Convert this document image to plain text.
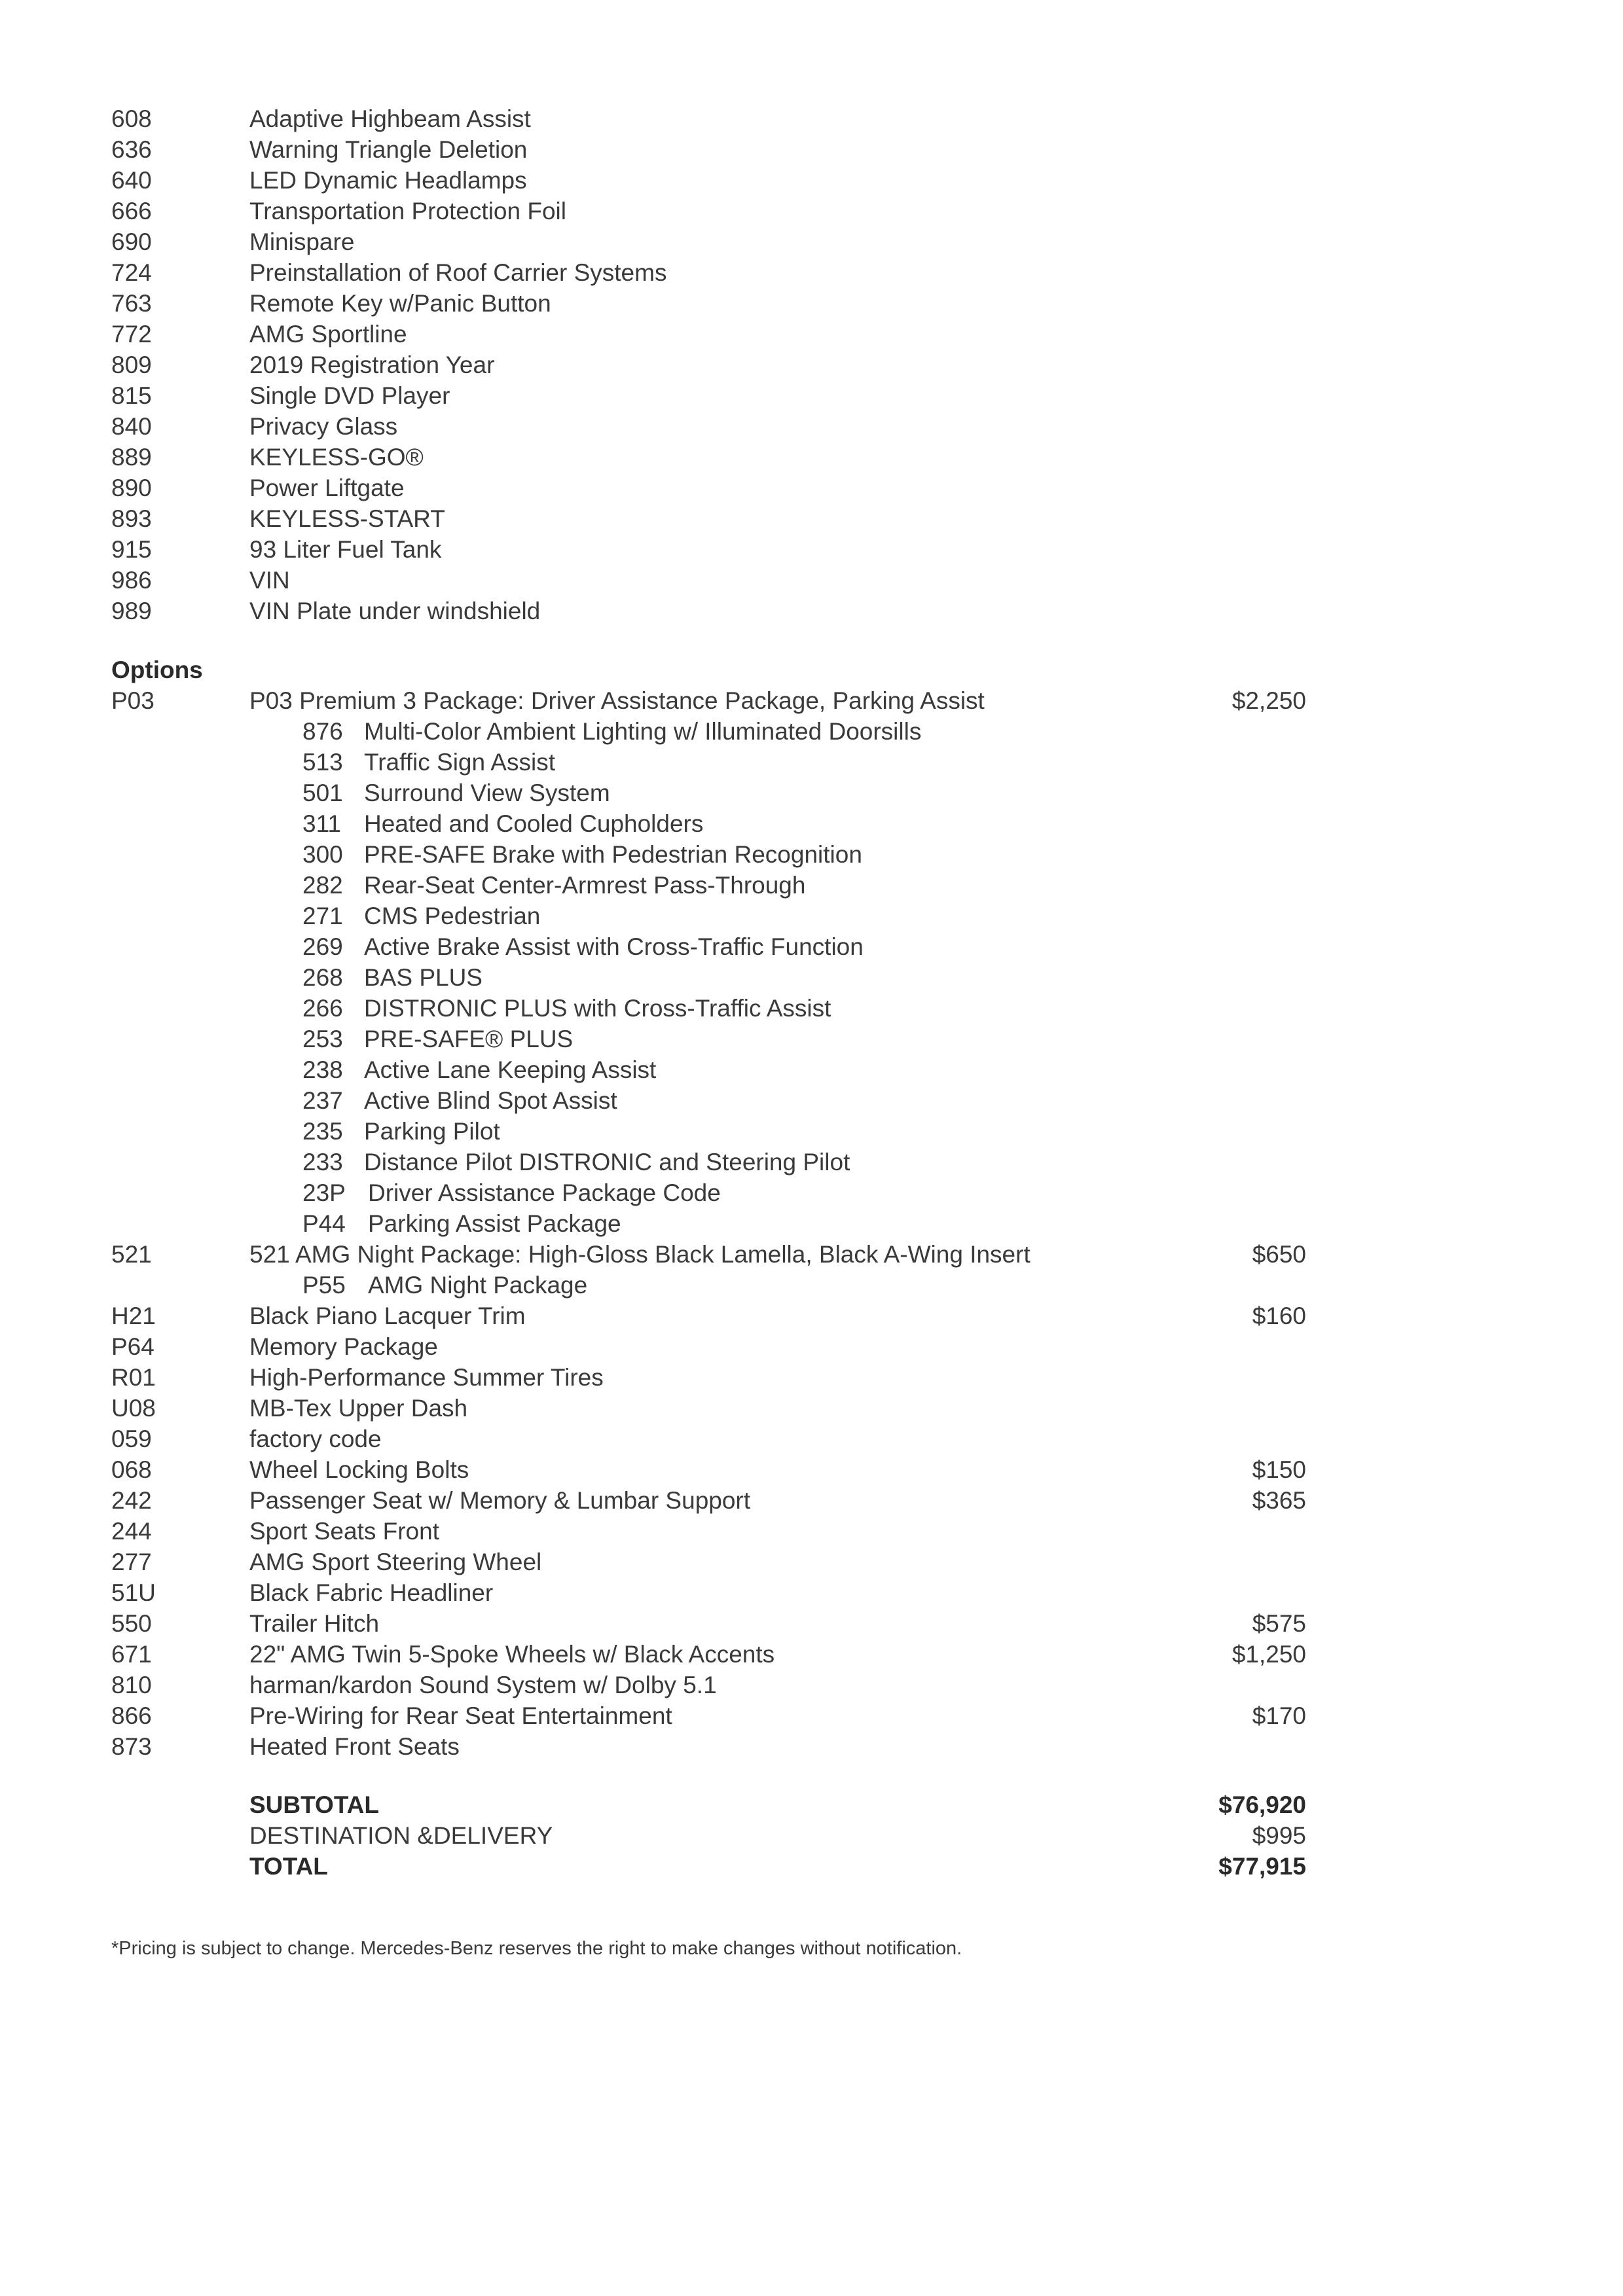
608	Adaptive Highbeam Assist
636	Warning Triangle Deletion
640	LED Dynamic Headlamps
666	Transportation Protection Foil
690	Minispare
724	Preinstallation of Roof Carrier Systems
763	Remote Key w/Panic Button
772	AMG Sportline
809	2019 Registration Year
815	Single DVD Player
840	Privacy Glass
889	KEYLESS-GO®
890	Power Liftgate
893	KEYLESS-START
915	93 Liter Fuel Tank
986	VIN
989	VIN Plate under windshield
Options
P03	P03 Premium 3 Package: Driver Assistance Package, Parking Assist	$2,250
876 Multi-Color Ambient Lighting w/ Illuminated Doorsills
513 Traffic Sign Assist
501 Surround View System
311 Heated and Cooled Cupholders
300 PRE-SAFE Brake with Pedestrian Recognition
282 Rear-Seat Center-Armrest Pass-Through
271 CMS Pedestrian
269 Active Brake Assist with Cross-Traffic Function
268 BAS PLUS
266 DISTRONIC PLUS with Cross-Traffic Assist
253 PRE-SAFE® PLUS
238 Active Lane Keeping Assist
237 Active Blind Spot Assist
235 Parking Pilot
233 Distance Pilot DISTRONIC and Steering Pilot
23P Driver Assistance Package Code
P44 Parking Assist Package
521	521 AMG Night Package: High-Gloss Black Lamella, Black A-Wing Insert	$650
P55 AMG Night Package
H21	Black Piano Lacquer Trim	$160
P64	Memory Package
R01	High-Performance Summer Tires
U08	MB-Tex Upper Dash
059	factory code
068	Wheel Locking Bolts	$150
242	Passenger Seat w/ Memory & Lumbar Support	$365
244	Sport Seats Front
277	AMG Sport Steering Wheel
51U	Black Fabric Headliner
550	Trailer Hitch	$575
671	22" AMG Twin 5-Spoke Wheels w/ Black Accents	$1,250
810	harman/kardon Sound System w/ Dolby 5.1
866	Pre-Wiring for Rear Seat Entertainment	$170
873	Heated Front Seats
SUBTOTAL	$76,920
DESTINATION &DELIVERY	$995
TOTAL	$77,915
*Pricing is subject to change. Mercedes-Benz reserves the right to make changes without notification.
